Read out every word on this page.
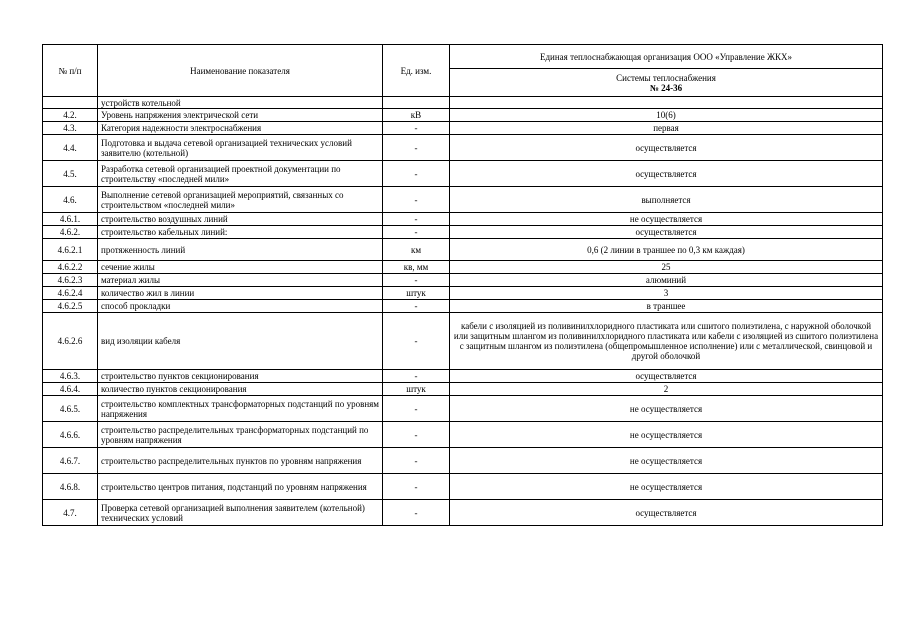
№ п/п	Наименование показателя	Ед. изм.	Единая теплоснабжающая организация ООО «Управление ЖКХ»

			Системы теплоснабжения
№ 24-36

	устройств котельной		
4.2.	Уровень напряжения электрической сети	кВ	10(6)
4.3.	Категория надежности электроснабжения	-	первая
4.4.	Подготовка и выдача сетевой организацией технических условий заявителю (котельной)	-	осуществляется
4.5.	Разработка сетевой организацией проектной документации по строительству «последней мили»	-	осуществляется
4.6.	Выполнение сетевой организацией мероприятий, связанных со строительством «последней мили»	-	выполняется
4.6.1.	строительство воздушных линий	-	не осуществляется
4.6.2.	строительство кабельных линий:	-	осуществляется
4.6.2.1	протяженность линий	км	0,6 (2 линии в траншее по 0,3 км каждая)
4.6.2.2	сечение жилы	кв, мм	25
4.6.2.3	материал жилы	-	алюминий
4.6.2.4	количество жил в линии	штук	3
4.6.2.5	способ прокладки	-	в траншее
4.6.2.6	вид изоляции кабеля	-	кабели с изоляцией из поливинилхлоридного пластиката или сшитого полиэтилена, с наружной оболочкой или защитным шлангом из поливинилхлоридного пластиката или кабели с изоляцией из сшитого полиэтилена с защитным шлангом из полиэтилена (общепромышленное исполнение) или с металлической, свинцовой и другой оболочкой
4.6.3.	строительство пунктов секционирования	-	осуществляется
4.6.4.	количество пунктов секционирования	штук	2
4.6.5.	строительство комплектных трансформаторных подстанций по уровням напряжения	-	не осуществляется
4.6.6.	строительство распределительных трансформаторных подстанций по уровням напряжения	-	не осуществляется
4.6.7.	строительство распределительных пунктов по уровням напряжения	-	не осуществляется
4.6.8.	строительство центров питания, подстанций по уровням напряжения	-	не осуществляется
4.7.	Проверка сетевой организацией выполнения заявителем (котельной) технических условий	-	осуществляется
